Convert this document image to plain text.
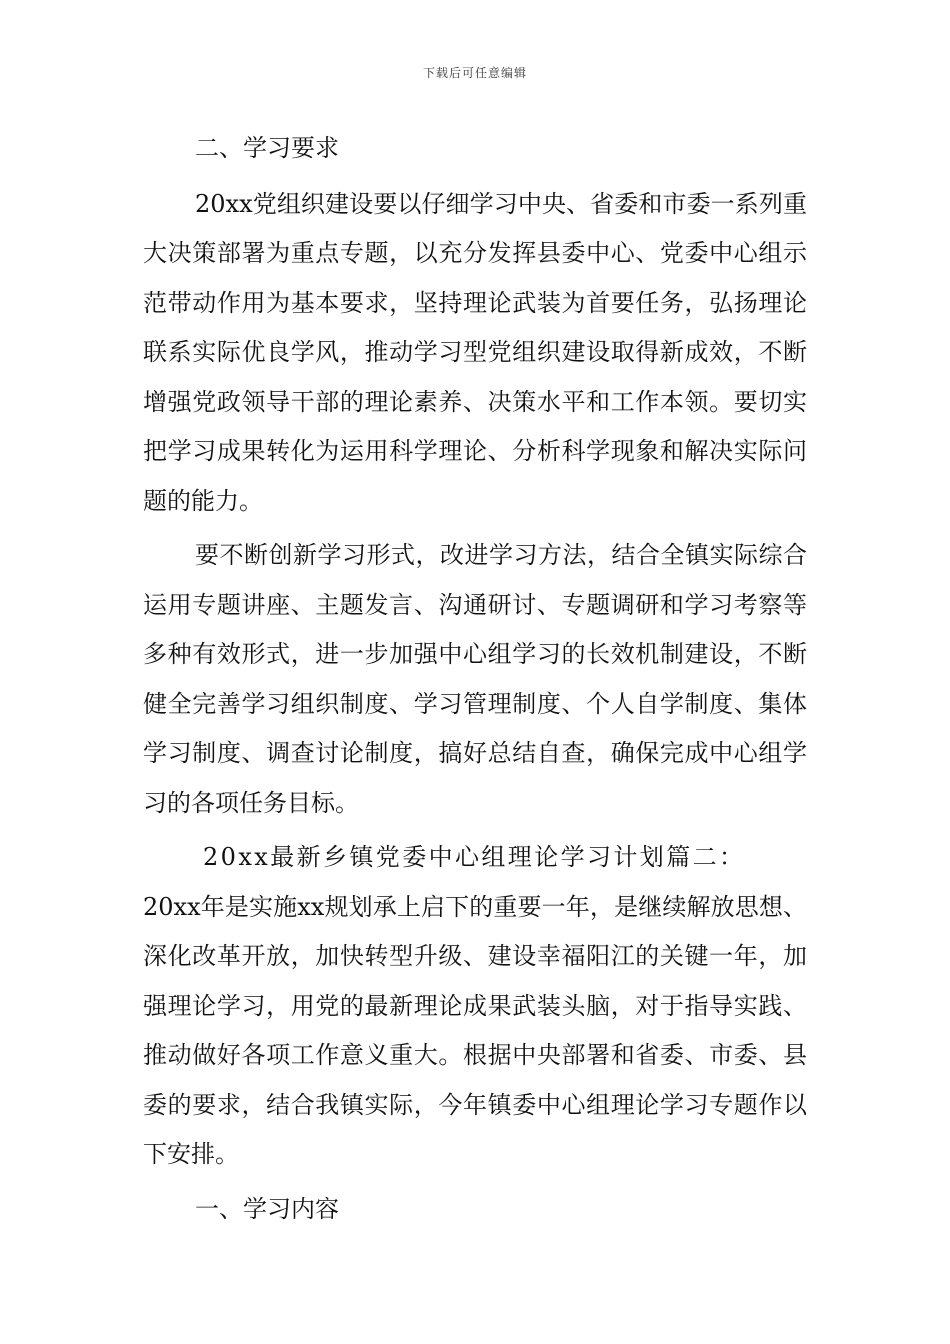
下载后可任意编辑

二、学习要求

20xx党组织建设要以仔细学习中央、省委和市委一系列重大决策部署为重点专题，以充分发挥县委中心、党委中心组示范带动作用为基本要求，坚持理论武装为首要任务，弘扬理论联系实际优良学风，推动学习型党组织建设取得新成效，不断增强党政领导干部的理论素养、决策水平和工作本领。要切实把学习成果转化为运用科学理论、分析科学现象和解决实际问题的能力。

要不断创新学习形式，改进学习方法，结合全镇实际综合运用专题讲座、主题发言、沟通研讨、专题调研和学习考察等多种有效形式，进一步加强中心组学习的长效机制建设，不断健全完善学习组织制度、学习管理制度、个人自学制度、集体学习制度、调查讨论制度，搞好总结自查，确保完成中心组学习的各项任务目标。

20xx最新乡镇党委中心组理论学习计划篇二：
20xx年是实施xx规划承上启下的重要一年，是继续解放思想、深化改革开放，加快转型升级、建设幸福阳江的关键一年，加强理论学习，用党的最新理论成果武装头脑，对于指导实践、推动做好各项工作意义重大。根据中央部署和省委、市委、县委的要求，结合我镇实际，今年镇委中心组理论学习专题作以下安排。

一、学习内容
